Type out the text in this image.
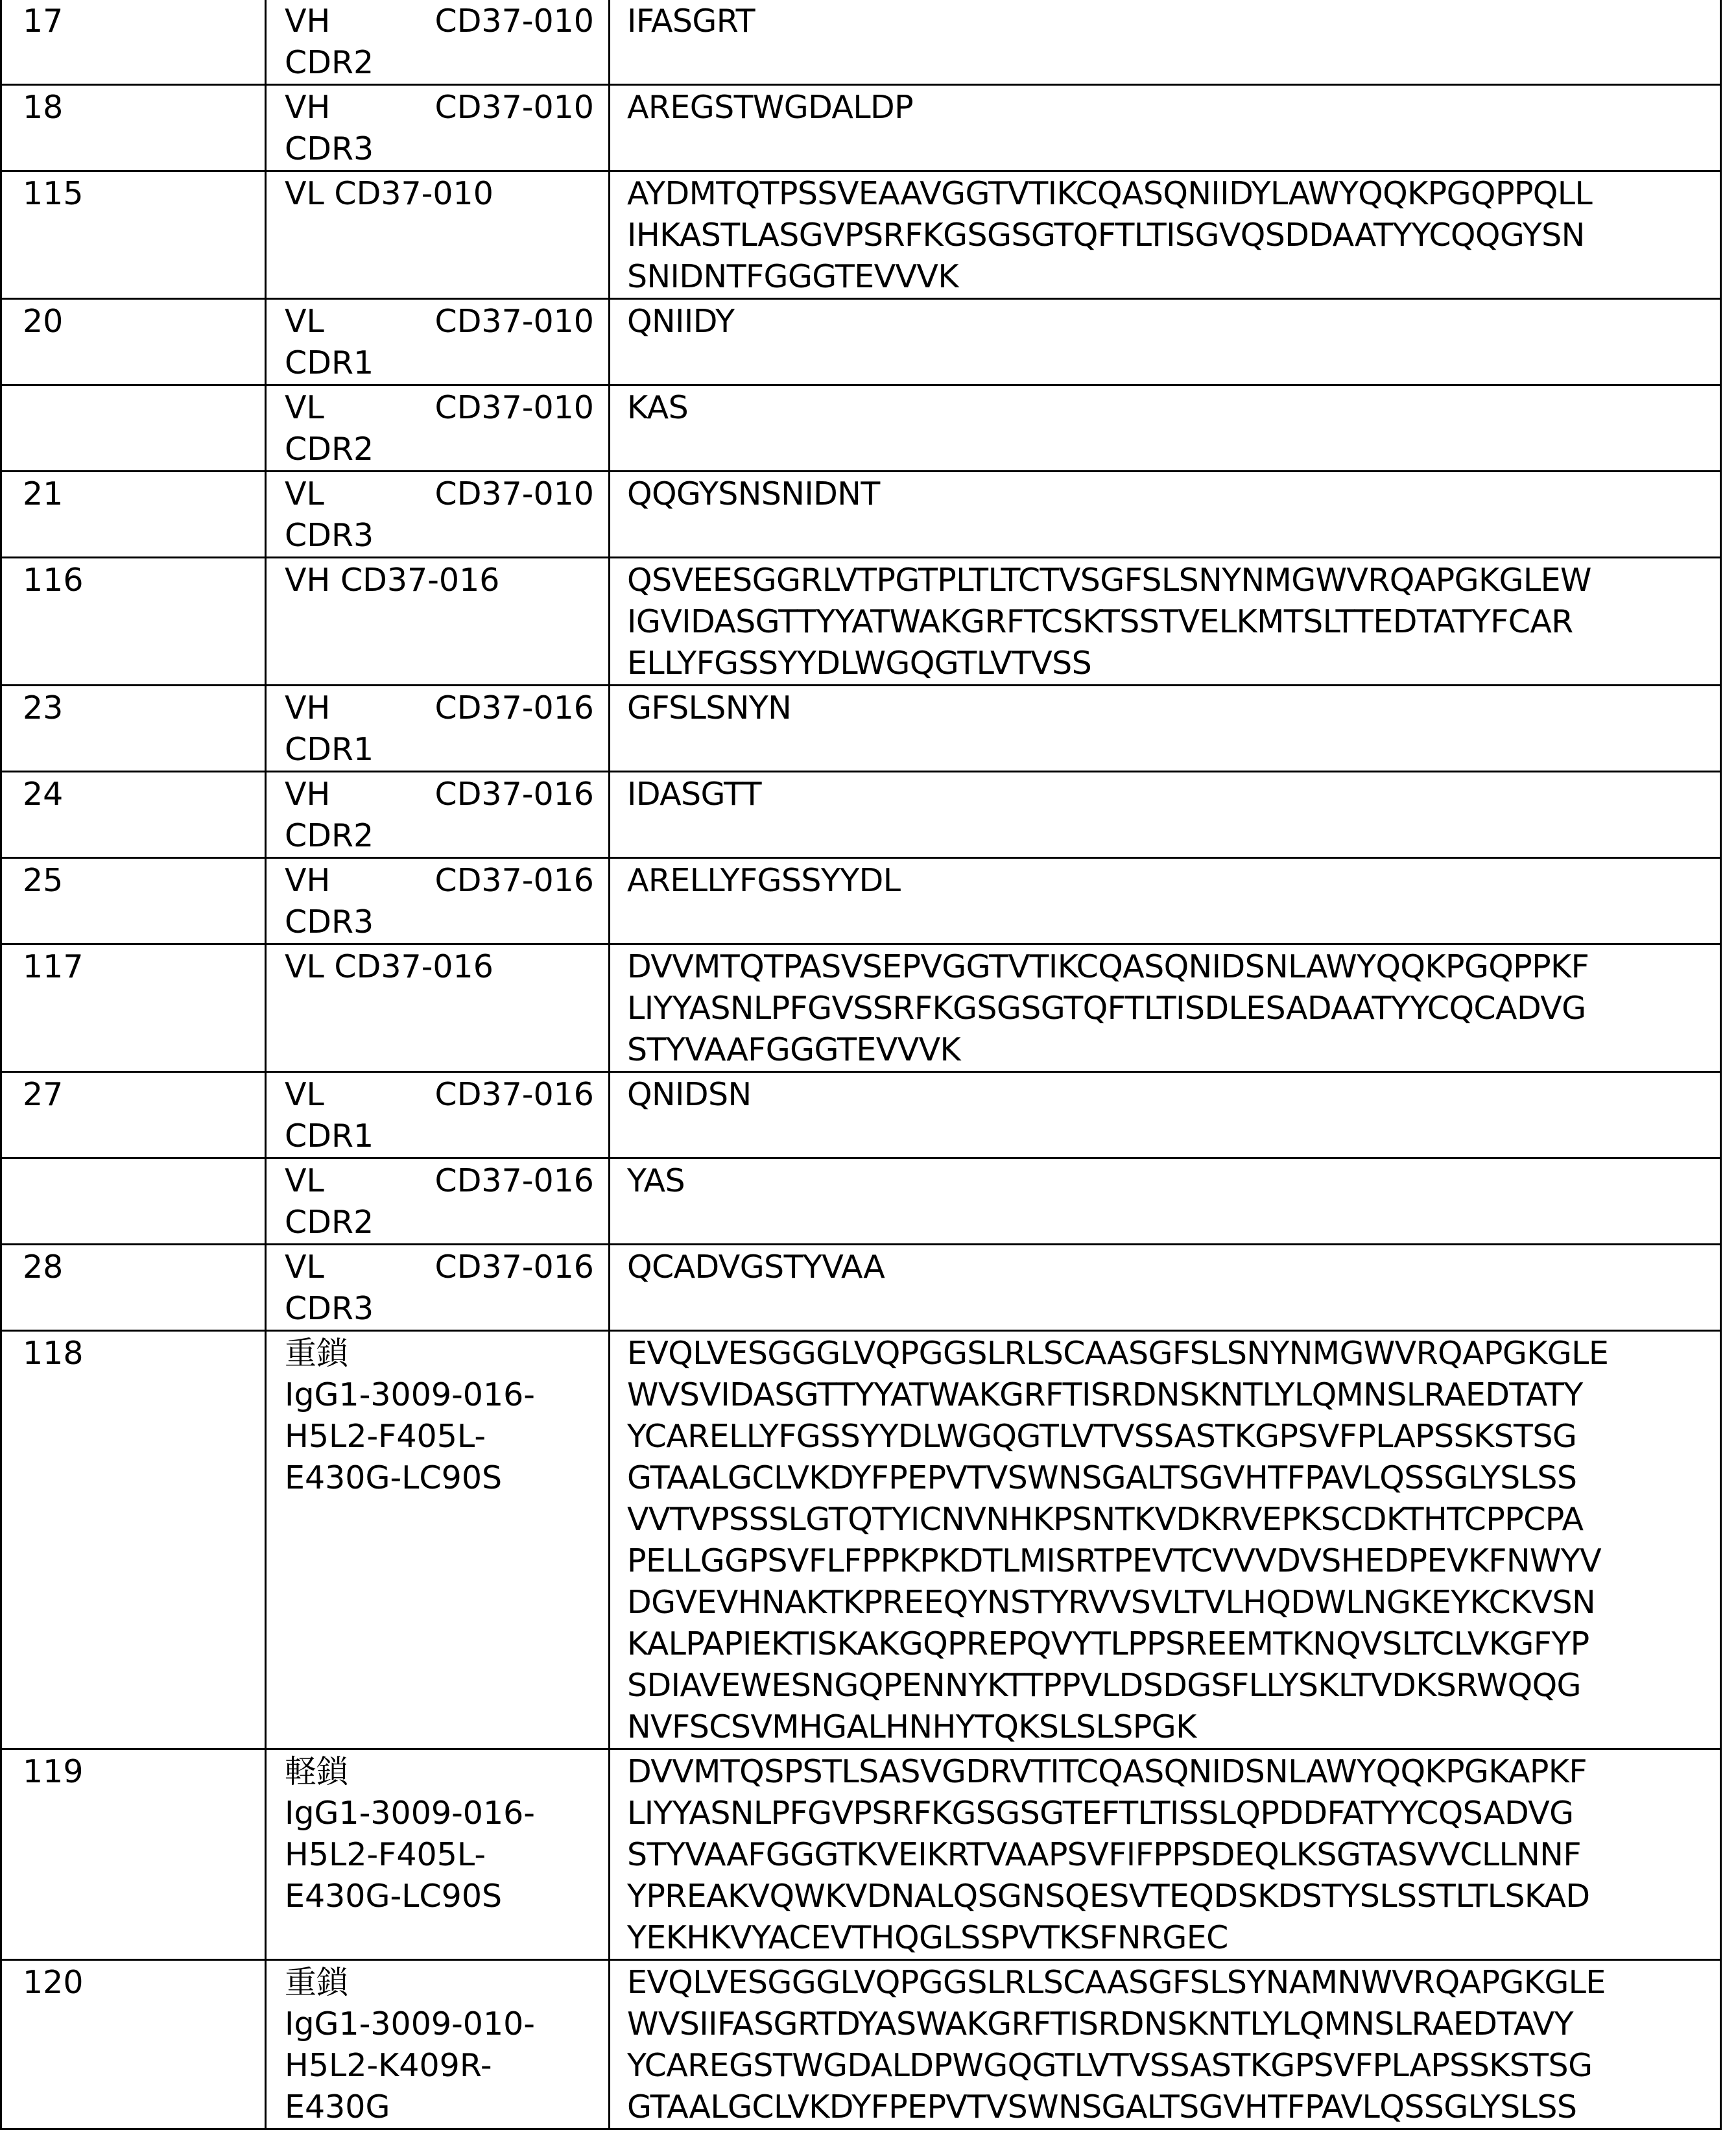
17	VH	CD37-010
CDR2

IFASGRT

18	VH	CD37-010
CDR3

AREGSTWGDALDP

115	VL CD37-010	AYDMTQTPSSVEAAVGGTVTIKCQASQNIIDYLAWYQQKPGQPPQLL
IHKASTLASGVPSRFKGSGSGTQFTLTISGVQSDDAATYYCQQGYSN
SNIDNTFGGGTEVVVK

20	VL	CD37-010
CDR1

QNIIDY

VL	CD37-010
CDR2

KAS

21	VL	CD37-010
CDR3

QQGYSNSNIDNT

116	VH CD37-016	QSVEESGGRLVTPGTPLTLTCTVSGFSLSNYNMGWVRQAPGKGLEW
IGVIDASGTTYYATWAKGRFTCSKTSSTVELKMTSLTTEDTATYFCAR
ELLYFGSSYYDLWGQGTLVTVSS

23	VH	CD37-016
CDR1

GFSLSNYN

24	VH	CD37-016
CDR2

IDASGTT

25	VH	CD37-016
CDR3

ARELLYFGSSYYDL

117	VL CD37-016	DVVMTQTPASVSEPVGGTVTIKCQASQNIDSNLAWYQQKPGQPPKF
LIYYASNLPFGVSSRFKGSGSGTQFTLTISDLESADAATYYCQCADVG
STYVAAFGGGTEVVVK

27	VL	CD37-016
CDR1

QNIDSN

VL	CD37-016
CDR2

YAS

28	VL	CD37-016
CDR3

QCADVGSTYVAA

118	重鎖
IgG1-3009-016-
H5L2-F405L-
E430G-LC90S

EVQLVESGGGLVQPGGSLRLSCAASGFSLSNYNMGWVRQAPGKGLE
WVSVIDASGTTYYATWAKGRFTISRDNSKNTLYLQMNSLRAEDTATY
YCARELLYFGSSYYDLWGQGTLVTVSSASTKGPSVFPLAPSSKSTSG
GTAALGCLVKDYFPEPVTVSWNSGALTSGVHTFPAVLQSSGLYSLSS
VVTVPSSSLGTQTYICNVNHKPSNTKVDKRVEPKSCDKTHTCPPCPA
PELLGGPSVFLFPPKPKDTLMISRTPEVTCVVVDVSHEDPEVKFNWYV
DGVEVHNAKTKPREEQYNSTYRVVSVLTVLHQDWLNGKEYKCKVSN
KALPAPIEKTISKAKGQPREPQVYTLPPSREEMTKNQVSLTCLVKGFYP
SDIAVEWESNGQPENNYKTTPPVLDSDGSFLLYSKLTVDKSRWQQG
NVFSCSVMHGALHNHYTQKSLSLSPGK

119	軽鎖
IgG1-3009-016-
H5L2-F405L-
E430G-LC90S

DVVMTQSPSTLSASVGDRVTITCQASQNIDSNLAWYQQKPGKAPKF
LIYYASNLPFGVPSRFKGSGSGTEFTLTISSLQPDDFATYYCQSADVG
STYVAAFGGGTKVEIKRTVAAPSVFIFPPSDEQLKSGTASVVCLLNNF
YPREAKVQWKVDNALQSGNSQESVTEQDSKDSTYSLSSTLTLSKAD
YEKHKVYACEVTHQGLSSPVTKSFNRGEC

120	重鎖
IgG1-3009-010-
H5L2-K409R-
E430G

EVQLVESGGGLVQPGGSLRLSCAASGFSLSYNAMNWVRQAPGKGLE
WVSIIFASGRTDYASWAKGRFTISRDNSKNTLYLQMNSLRAEDTAVY
YCAREGSTWGDALDPWGQGTLVTVSSASTKGPSVFPLAPSSKSTSG
GTAALGCLVKDYFPEPVTVSWNSGALTSGVHTFPAVLQSSGLYSLSS
